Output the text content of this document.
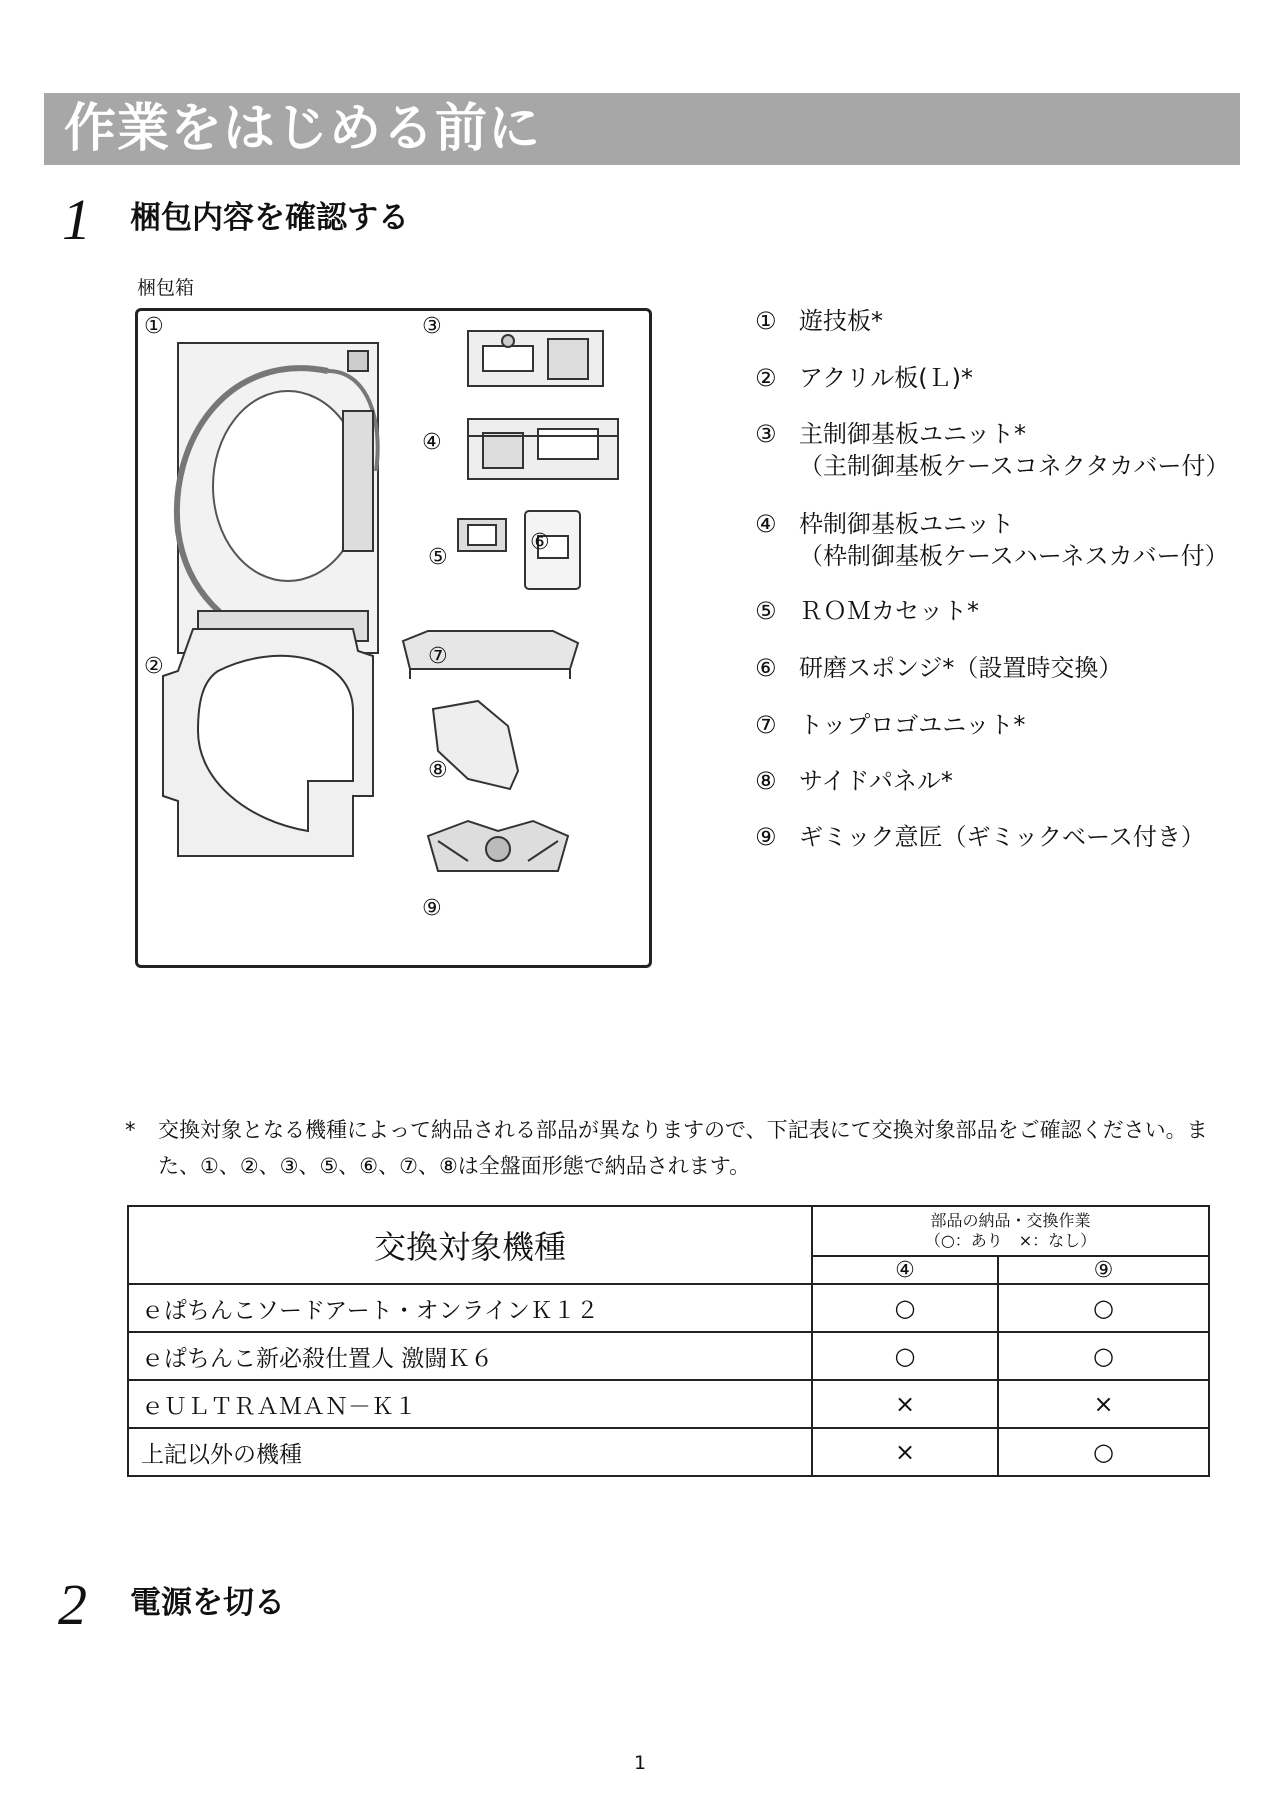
作業をはじめる前に
1 梱包内容を確認する
梱包箱
①	③
④
⑤
⑥
②	⑦
⑧
⑨
① 遊技板*
② アクリル板(Ｌ)*
③ 主制御基板ユニット*
（主制御基板ケースコネクタカバー付）
④ 枠制御基板ユニット
（枠制御基板ケースハーネスカバー付）
⑤ ＲＯＭカセット*
⑥ 研磨スポンジ*（設置時交換）
⑦ トップロゴユニット*
⑧ サイドパネル*
⑨ ギミック意匠（ギミックベース付き）
* 交換対象となる機種によって納品される部品が異なりますので、下記表にて交換対象部品をご確認ください。また、①、②、③、⑤、⑥、⑦、⑧は全盤面形態で納品されます。
交換対象機種	部品の納品・交換作業
（○：あり　×：なし）	
	④	⑨
ｅぱちんこソードアート・オンラインＫ１２	○	○
ｅぱちんこ新必殺仕置人 激闘Ｋ６	○	○
ｅＵＬＴＲＡＭＡＮ－Ｋ１	×	×
上記以外の機種	×	○
2 電源を切る
1
